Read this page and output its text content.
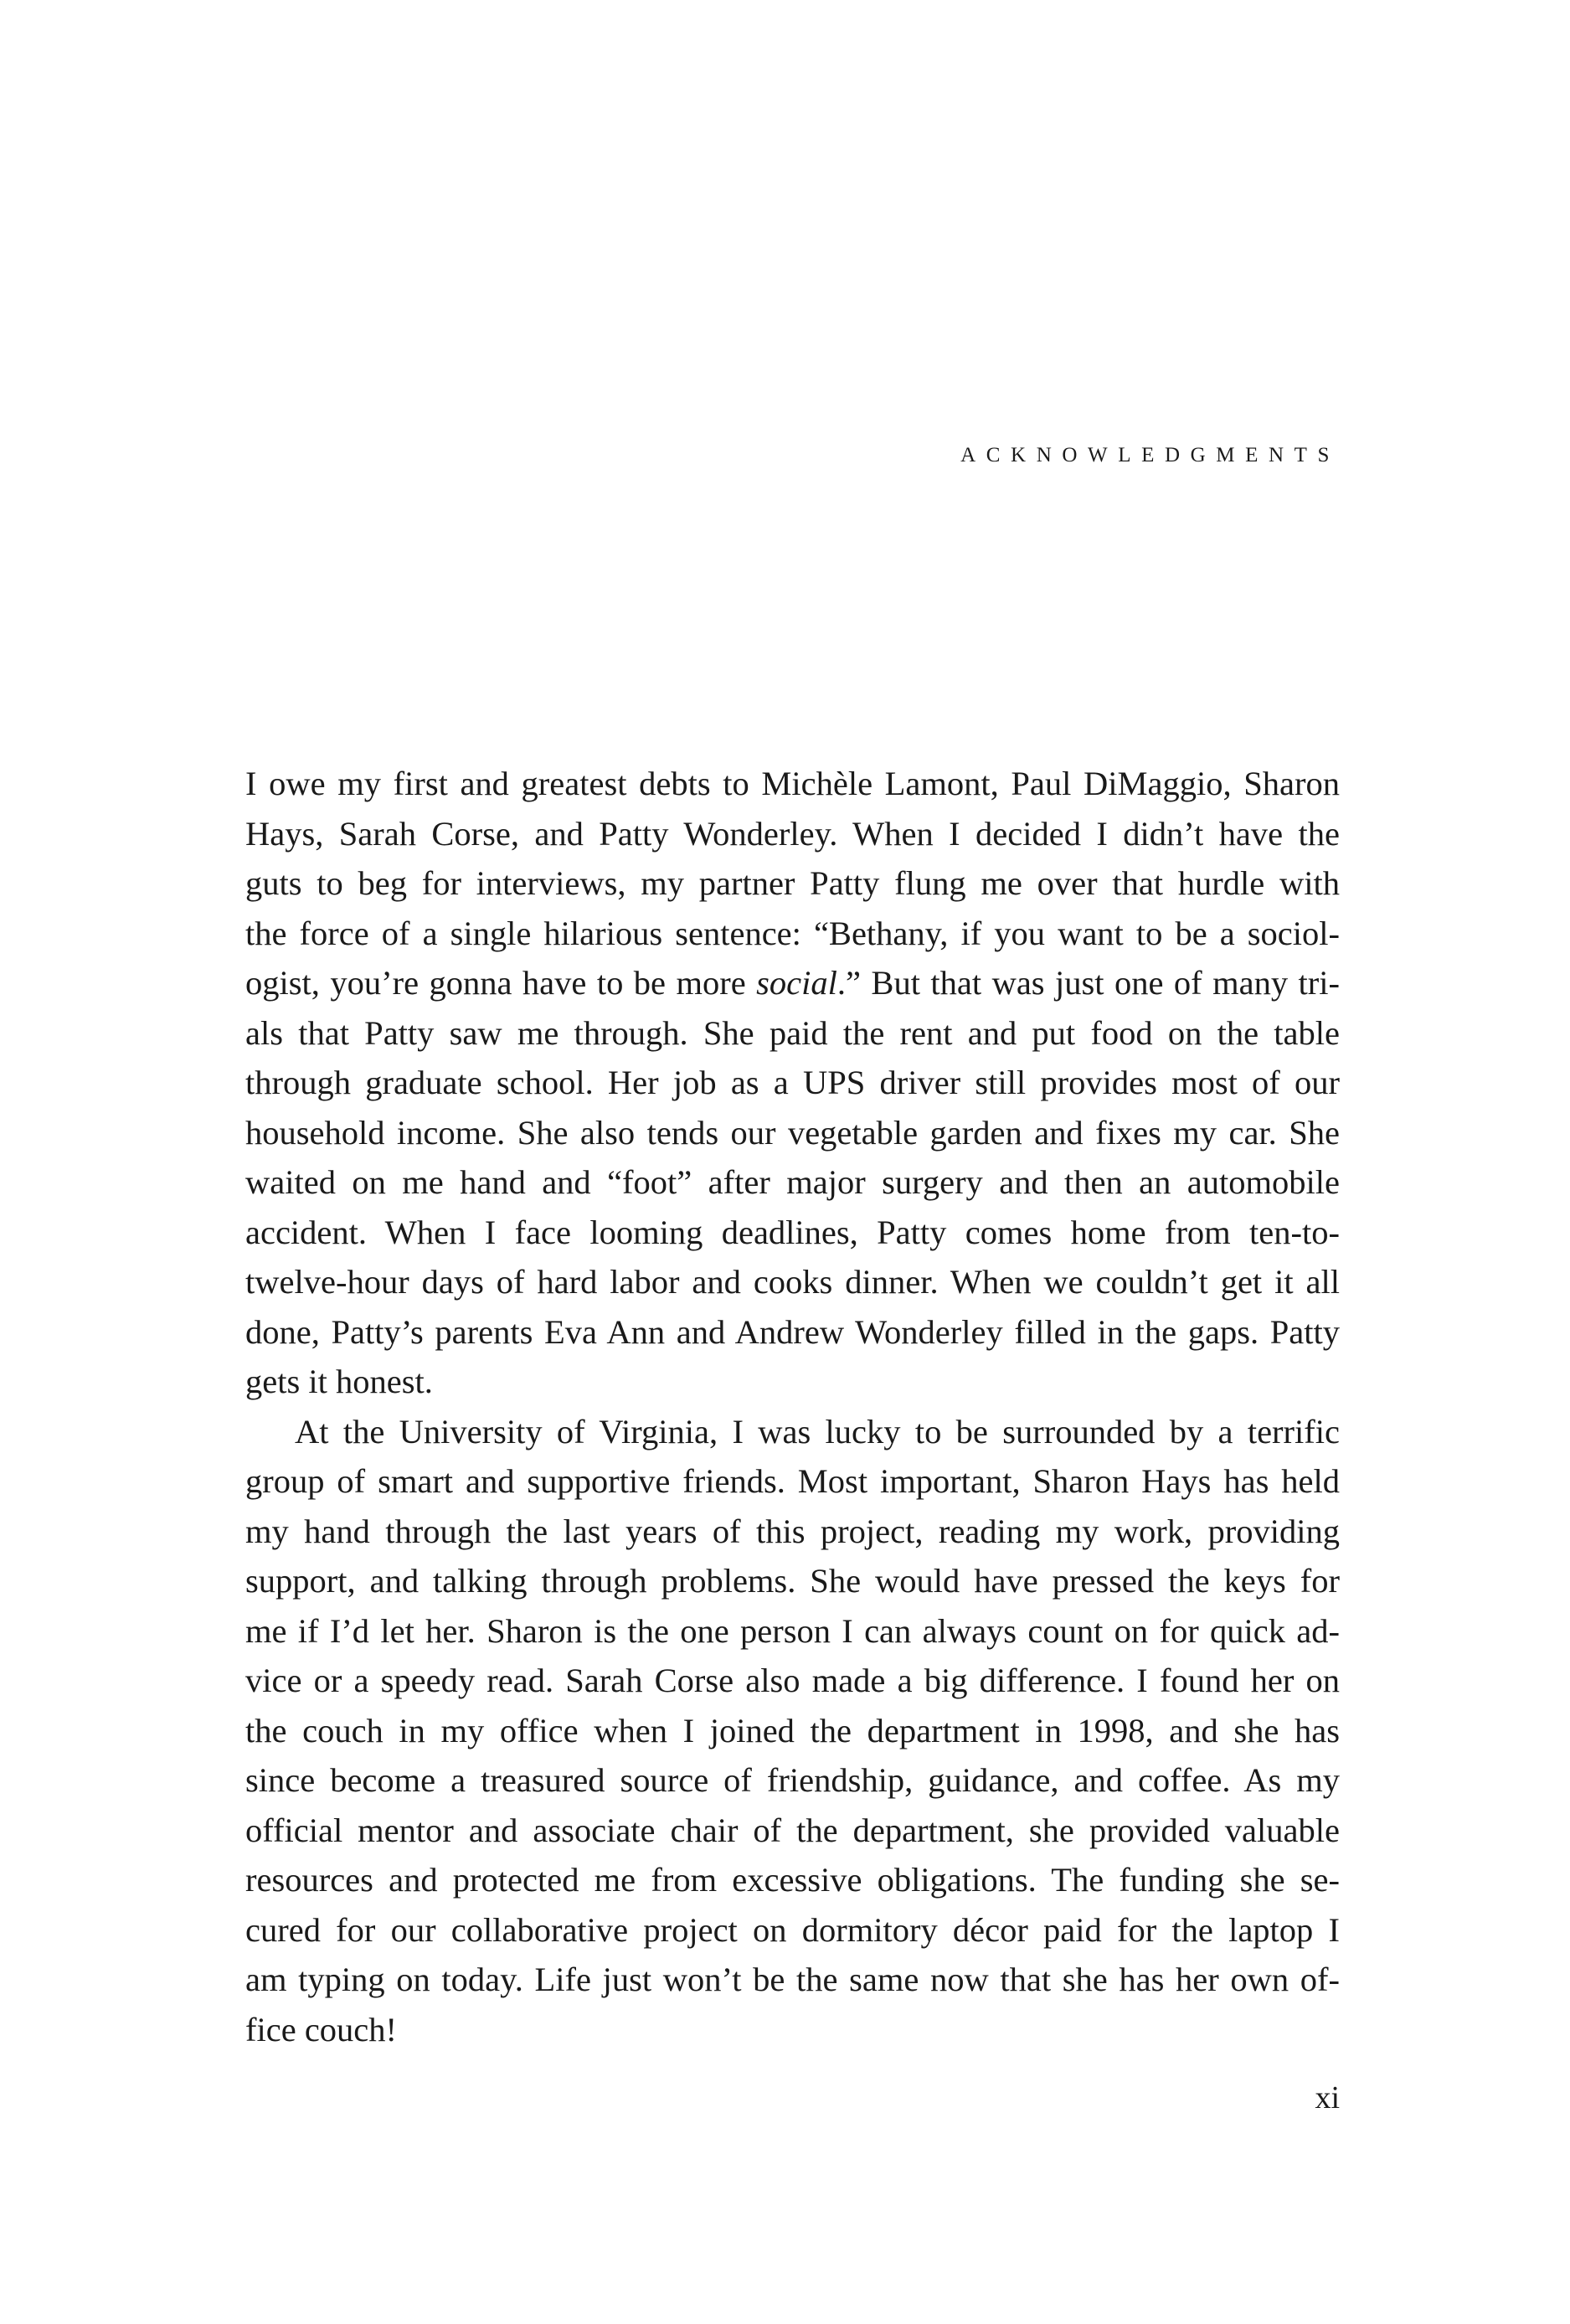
ACKNOWLEDGMENTS

I owe my first and greatest debts to Michèle Lamont, Paul DiMaggio, Sharon
Hays, Sarah Corse, and Patty Wonderley. When I decided I didn’t have the
guts to beg for interviews, my partner Patty flung me over that hurdle with
the force of a single hilarious sentence: “Bethany, if you want to be a sociol-
ogist, you’re gonna have to be more social.” But that was just one of many tri-
als that Patty saw me through. She paid the rent and put food on the table
through graduate school. Her job as a UPS driver still provides most of our
household income. She also tends our vegetable garden and fixes my car. She
waited on me hand and “foot” after major surgery and then an automobile
accident. When I face looming deadlines, Patty comes home from ten-to-
twelve-hour days of hard labor and cooks dinner. When we couldn’t get it all
done, Patty’s parents Eva Ann and Andrew Wonderley filled in the gaps. Patty
gets it honest.

At the University of Virginia, I was lucky to be surrounded by a terrific
group of smart and supportive friends. Most important, Sharon Hays has held
my hand through the last years of this project, reading my work, providing
support, and talking through problems. She would have pressed the keys for
me if I’d let her. Sharon is the one person I can always count on for quick ad-
vice or a speedy read. Sarah Corse also made a big difference. I found her on
the couch in my office when I joined the department in 1998, and she has
since become a treasured source of friendship, guidance, and coffee. As my
official mentor and associate chair of the department, she provided valuable
resources and protected me from excessive obligations. The funding she se-
cured for our collaborative project on dormitory décor paid for the laptop I
am typing on today. Life just won’t be the same now that she has her own of-
fice couch!

xi
